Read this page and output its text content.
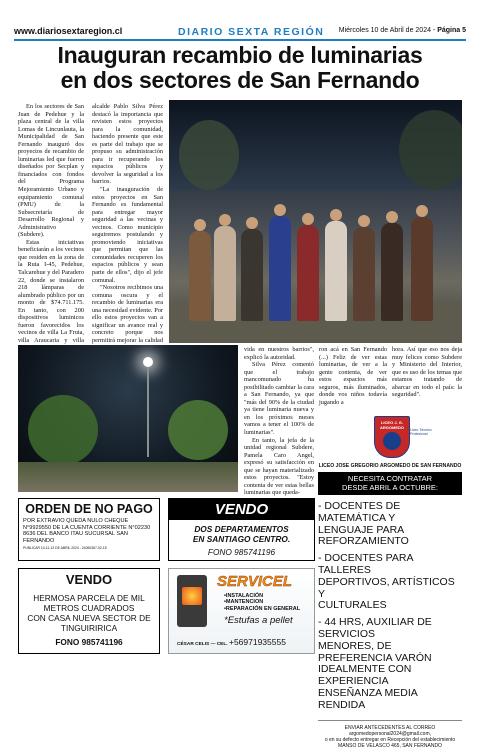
www.diariosextaregion.cl	DIARIO SEXTA REGIÓN Miércoles 10 de Abril de 2024 - Página 5
Inauguran recambio de luminarias
en dos sectores de San Fernando

En los sectores de San Juan de Pedehue y la plaza central de la villa Lomas de Lincunlauta, la Municipalidad de San Fernando inauguró dos proyectos de recambio de luminarias led que fueron diseñados por Secplan y financiados con fondos del Programa Mejoramiento Urbano y equipamiento comunal (PMU) de la Subsecretaría de Desarrollo Regional y Administrativo (Subdere).

Estas iniciativas beneficiarán a los vecinos que residen en la zona de la Ruta I-45, Pedehue, Talcarehue y del Paradero 22, donde se instalaron 218 lámparas de alumbrado público por un monto de $74.711.175. En tanto, con 200 dispositivos luminicos fueron favorecidos los vecinos de villa La Fruta, villa Araucaria y villa

alcalde Pablo Silva Pérez destacó la importancia que revisten estos proyectos para la comunidad, haciendo presente que este es parte del trabajo que se propuso su administración para ir recuperando los espacios públicos y devolver la seguridad a los barrios.

"La inauguración de estos proyectos en San Fernando es fundamental para entregar mayor seguridad a las vecinas y vecinos. Como municipio seguiremos postulando y promoviendo iniciativas que permitan que las comunidades recuperen los espacios públicos y sean parte de ellos", dijo el jefe comunal.

"Nosotros recibimos una comuna oscura y el recambio de luminarias era una necesidad evidente. Por ello estos proyectos van a significar un avance real y concreto porque nos permitirá mejorar la calidad

vida en nuestros barrios", explicó la autoridad.

Silva Pérez comentó que el trabajo mancomunado ha posibilitado cambiar la cara a San Fernando, ya que "más del 90% de la ciudad ya tiene luminaria nueva y en los próximos meses vamos a tener el 100% de luminarias".

En tanto, la jefa de la unidad regional Subdere, Pamela Caro Angel, expresó su satisfacción en que se hayan materializado estos proyectos. "Estoy contenta de ver estas bellas luminarias que queda-

ron acá en San Fernando (...) Feliz de ver estas luminarias, de ver a la gente contenta, de ver estos espacios más seguros, más iluminados, donde vos niños todavía jugando a

hora. Así que eso nos deja muy felices como Subdere y Ministerio del Interior, que es uso de los temas que estamos tratando de abarcar en todo el país: la seguridad".

ORDEN DE NO PAGO
POR EXTRAVIO QUEDA NULO CHEQUE N°9929550 DE LA CUENTA CORRIENTE N°02230 8636 DEL BANCO ITAU SUCURSAL SAN FERNANDO
PUBLICAR 10-11-12 DE ABRIL 2024 - 24060367-02-15
VENDO
DOS DEPARTAMENTOS
EN SANTIAGO CENTRO.
FONO 985741196
VENDO
HERMOSA PARCELA DE MIL
METROS CUADRADOS
CON CASA NUEVA SECTOR DE
TINGUIRIRICA
FONO 985741196
SERVICEL
•INSTALACIÓN
•MANTENCION
•REPARACIÓN EN GENERAL
*Estufas a pellet
CÉSAR CELIS — CEL. +56971935555
LICEO J. G. ARGOMEDO	Liceo Técnico Profesional
LICEO JOSE GREGORIO ARGOMEDO DE SAN FERNANDO
NECESITA CONTRATAR
DESDE ABRIL A OCTUBRE:
- DOCENTES DE MATEMÁTICA Y
LENGUAJE PARA REFORZAMIENTO
- DOCENTES PARA TALLERES
DEPORTIVOS, ARTÍSTICOS Y
CULTURALES
- 44 HRS, AUXILIAR DE SERVICIOS
MENORES, DE PREFERENCIA VARÓN
IDEALMENTE CON EXPERIENCIA
ENSEÑANZA MEDIA RENDIDA
ENVIAR ANTECEDENTES AL CORREO
argomedopersonal2024@gmail.com,
o en su defecto entregar en Recepción del establecimiento
MANSO DE VELASCO 465, SAN FERNANDO
